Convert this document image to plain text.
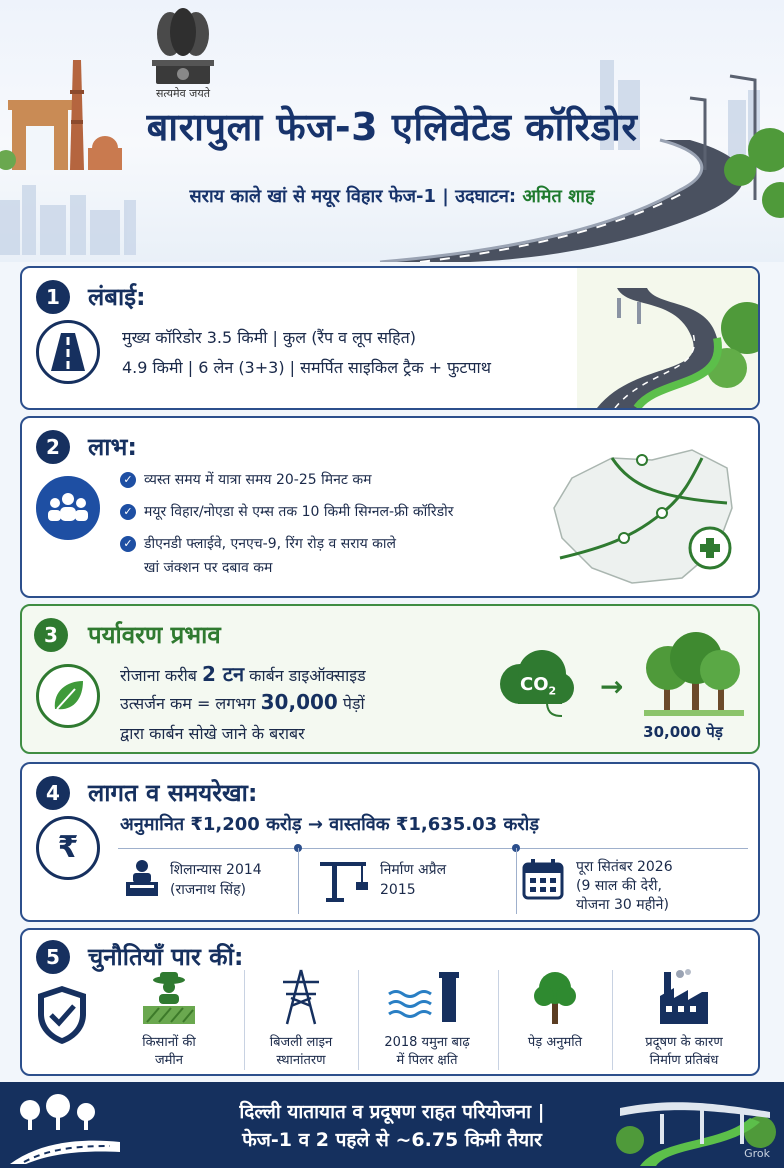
सत्यमेव जयते
बारापुला फेज-3 एलिवेटेड कॉरिडोर
सराय काले खां से मयूर विहार फेज-1 | उदघाटन: अमित शाह
1	लंबाई:
मुख्य कॉरिडोर 3.5 किमी | कुल (रैंप व लूप सहित)
4.9 किमी | 6 लेन (3+3) | समर्पित साइकिल ट्रैक + फुटपाथ
2	लाभ:
✓ व्यस्त समय में यात्रा समय 20-25 मिनट कम
✓ मयूर विहार/नोएडा से एम्स तक 10 किमी सिग्नल-फ्री कॉरिडोर
✓ डीएनडी फ्लाईवे, एनएच-9, रिंग रोड़ व सराय काले
खां जंक्शन पर दबाव कम
3	पर्यावरण प्रभाव
रोजाना करीब 2 टन कार्बन डाइऑक्साइड
उत्सर्जन कम = लगभग 30,000 पेड़ों
द्वारा कार्बन सोखे जाने के बराबर
$CO_2$ →
30,000 पेड़
4	लागत व समयरेखा:
₹
अनुमानित ₹1,200 करोड़ → वास्तविक ₹1,635.03 करोड़
शिलान्यास 2014
(राजनाथ सिंह)
निर्माण अप्रैल
2015
पूरा सितंबर 2026
(9 साल की देरी,
योजना 30 महीने)
5	चुनौतियाँ पार कीं:
किसानों की
जमीन
बिजली लाइन
स्थानांतरण
2018 यमुना बाढ़
में पिलर क्षति
पेड़ अनुमति	प्रदूषण के कारण
निर्माण प्रतिबंध
दिल्ली यातायात व प्रदूषण राहत परियोजना |
फेज-1 व 2 पहले से ~6.75 किमी तैयार
Grok
